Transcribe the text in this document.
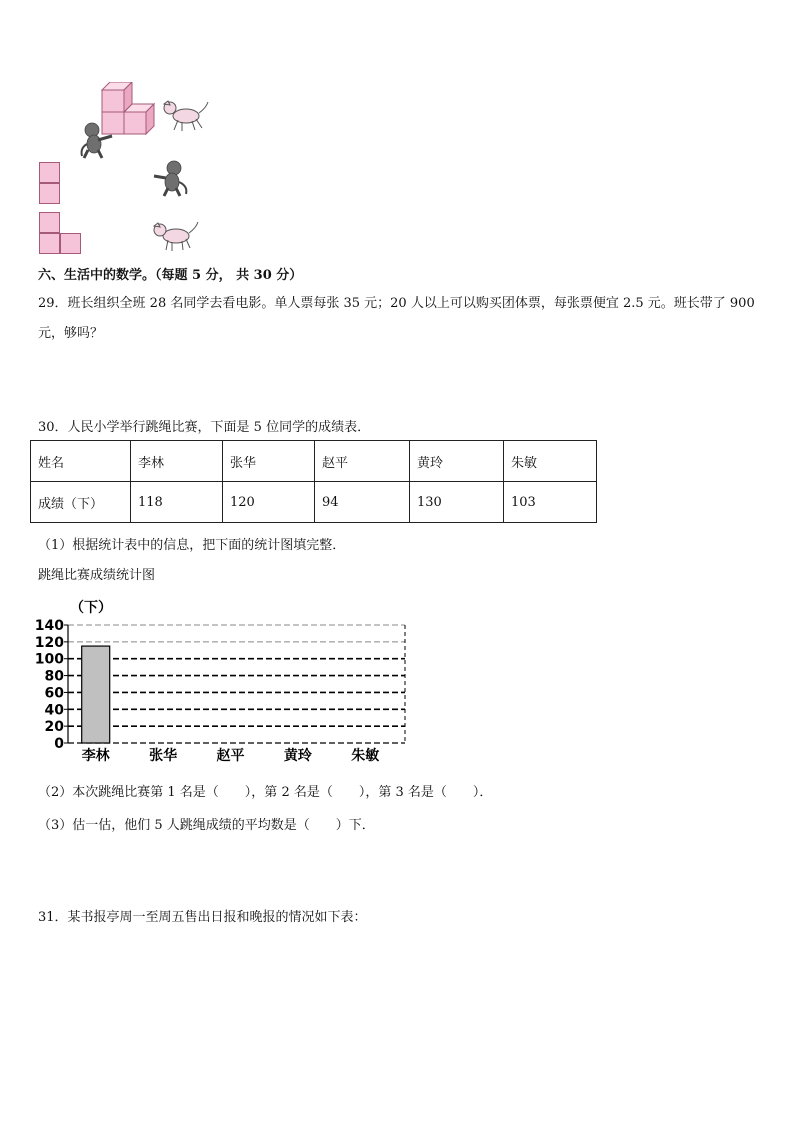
六、生活中的数学。（每题 5 分， 共 30 分）
29．班长组织全班 28 名同学去看电影。单人票每张 35 元；20 人以上可以购买团体票，每张票便宜 2.5 元。班长带了 900
元，够吗？
30．人民小学举行跳绳比赛，下面是 5 位同学的成绩表．
姓名	李林	张华	赵平	黄玲	朱敏
成绩（下）	118	120	94	130	103
（1）根据统计表中的信息，把下面的统计图填完整．
跳绳比赛成绩统计图
（下）
0
20
40
60
80
100
120
140
李林	张华	赵平	黄玲	朱敏
（2）本次跳绳比赛第 1 名是（　　），第 2 名是（　　），第 3 名是（　　）．
（3）估一估，他们 5 人跳绳成绩的平均数是（　　）下．
31．某书报亭周一至周五售出日报和晚报的情况如下表：
